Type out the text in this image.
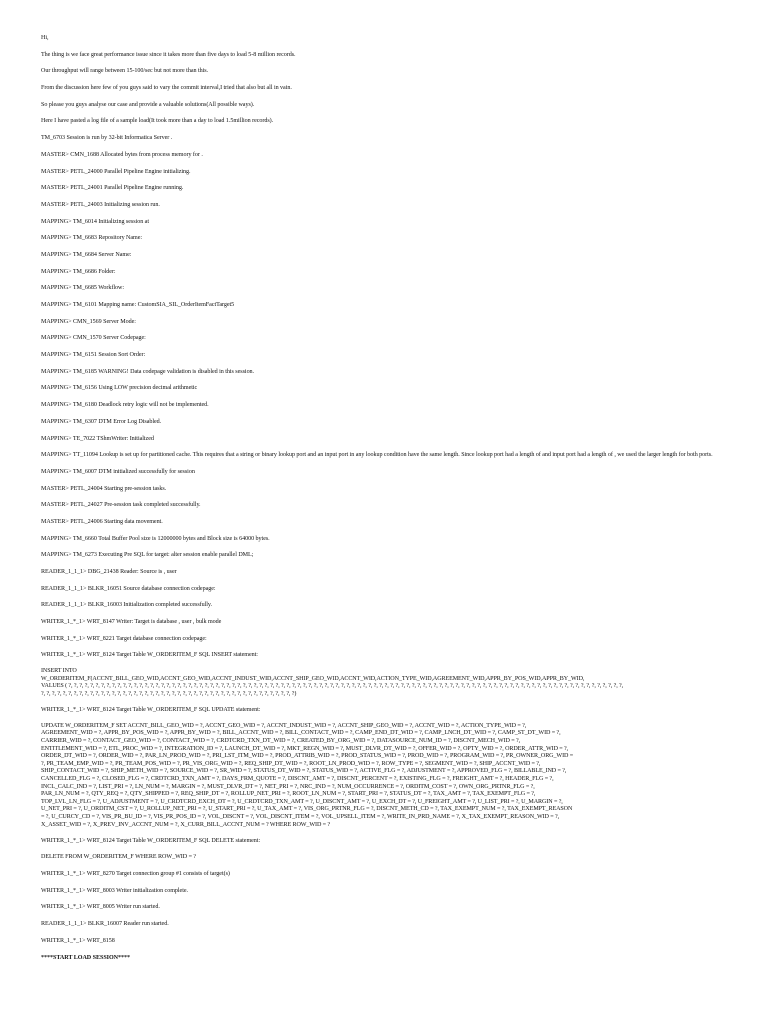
Hi,

The thing is we face great performance issue since it takes more than five days to load 5-8 million records.

Our throughput will range between 15-100/sec but not more than this.

From the discussion here few of you guys said to vary the commit interval,I tried that also but all in vain.

So please you guys analyse our case and provide a valuable solutions(All possible ways).

Here I have pasted a log file of a sample load(It took more than a day to load 1.5million records).

TM_6703 Session is run by 32-bit Informatica Server .

MASTER> CMN_1688 Allocated bytes from process memory for .

MASTER> PETL_24000 Parallel Pipeline Engine initializing.

MASTER> PETL_24001 Parallel Pipeline Engine running.

MASTER> PETL_24003 Initializing session run.

MAPPING> TM_6014 Initializing session at

MAPPING> TM_6683 Repository Name:

MAPPING> TM_6684 Server Name:

MAPPING> TM_6686 Folder:

MAPPING> TM_6685 Workflow:

MAPPING> TM_6101 Mapping name: CustomSIA_SIL_OrderItemFactTarget5

MAPPING> CMN_1569 Server Mode:

MAPPING> CMN_1570 Server Codepage:

MAPPING> TM_6151 Session Sort Order:

MAPPING> TM_6185 WARNING! Data codepage validation is disabled in this session.

MAPPING> TM_6156 Using LOW precision decimal arithmetic

MAPPING> TM_6180 Deadlock retry logic will not be implemented.

MAPPING> TM_6307 DTM Error Log Disabled.

MAPPING> TE_7022 TShmWriter: Initialized

MAPPING> TT_11094 Lookup is set up for partitioned cache. This requires that a string or binary lookup port and an input port in any lookup condition have the same length. Since lookup port had a length of and input port had a length of , we used the larger length for both ports.

MAPPING> TM_6007 DTM initialized successfully for session

MASTER> PETL_24004 Starting pre-session tasks.

MASTER> PETL_24027 Pre-session task completed successfully.

MASTER> PETL_24006 Starting data movement.

MAPPING> TM_6660 Total Buffer Pool size is 12000000 bytes and Block size is 64000 bytes.

MAPPING> TM_6273 Executing Pre SQL for target: alter session enable parallel DML;

READER_1_1_1> DBG_21438 Reader: Source is , user

READER_1_1_1> BLKR_16051 Source database connection codepage:

READER_1_1_1> BLKR_16003 Initialization completed successfully.

WRITER_1_*_1> WRT_8147 Writer: Target is database , user , bulk mode

WRITER_1_*_1> WRT_8221 Target database connection codepage:

WRITER_1_*_1> WRT_8124 Target Table W_ORDERITEM_F SQL INSERT statement:

INSERT INTO
W_ORDERITEM_F(ACCNT_BILL_GEO_WID,ACCNT_GEO_WID,ACCNT_INDUST_WID,ACCNT_SHIP_GEO_WID,ACCNT_WID,ACTION_TYPE_WID,AGREEMENT_WID,APPR_BY_POS_WID,APPR_BY_WID,
VALUES ( ?, ?, ?, ?, ?, ?, ?, ?, ?, ?, ?, ?, ?, ?, ?, ?, ?, ?, ?, ?, ?, ?, ?, ?, ?, ?, ?, ?, ?, ?, ?, ?, ?, ?, ?, ?, ?, ?, ?, ?, ?, ?, ?, ?, ?, ?, ?, ?, ?, ?, ?, ?, ?, ?, ?, ?, ?, ?, ?, ?, ?, ?, ?, ?, ?, ?, ?, ?, ?, ?, ?, ?, ?, ?, ?, ?, ?, ?, ?, ?, ?, ?, ?, ?, ?, ?, ?, ?, ?, ?, ?, ?, ?, ?, ?, ?, ?, ?, ?, ?, ?, ?,
?, ?, ?, ?, ?, ?, ?, ?, ?, ?, ?, ?, ?, ?, ?, ?, ?, ?, ?, ?, ?, ?, ?, ?, ?, ?, ?, ?, ?, ?, ?, ?, ?, ?, ?, ?, ?, ?, ?, ?, ?, ?, ?, ?, ?, ?, ?)

WRITER_1_*_1> WRT_8124 Target Table W_ORDERITEM_F SQL UPDATE statement:

UPDATE W_ORDERITEM_F SET ACCNT_BILL_GEO_WID = ?, ACCNT_GEO_WID = ?, ACCNT_INDUST_WID = ?, ACCNT_SHIP_GEO_WID = ?, ACCNT_WID = ?, ACTION_TYPE_WID = ?,
AGREEMENT_WID = ?, APPR_BY_POS_WID = ?, APPR_BY_WID = ?, BILL_ACCNT_WID = ?, BILL_CONTACT_WID = ?, CAMP_END_DT_WID = ?, CAMP_LNCH_DT_WID = ?, CAMP_ST_DT_WID = ?,
CARRIER_WID = ?, CONTACT_GEO_WID = ?, CONTACT_WID = ?, CRDTCRD_TXN_DT_WID = ?, CREATED_BY_ORG_WID = ?, DATASOURCE_NUM_ID = ?, DISCNT_MECH_WID = ?,
ENTITLEMENT_WID = ?, ETL_PROC_WID = ?, INTEGRATION_ID = ?, LAUNCH_DT_WID = ?, MKT_REGN_WID = ?, MUST_DLVR_DT_WID = ?, OFFER_WID = ?, OPTY_WID = ?, ORDER_ATTR_WID = ?,
ORDER_DT_WID = ?, ORDER_WID = ?, PAR_LN_PROD_WID = ?, PRI_LST_ITM_WID = ?, PROD_ATTRIB_WID = ?, PROD_STATUS_WID = ?, PROD_WID = ?, PROGRAM_WID = ?, PR_OWNER_ORG_WID =
?, PR_TEAM_EMP_WID = ?, PR_TEAM_POS_WID = ?, PR_VIS_ORG_WID = ?, REQ_SHIP_DT_WID = ?, ROOT_LN_PROD_WID = ?, ROW_TYPE = ?, SEGMENT_WID = ?, SHIP_ACCNT_WID = ?,
SHIP_CONTACT_WID = ?, SHIP_METH_WID = ?, SOURCE_WID = ?, SR_WID = ?, STATUS_DT_WID = ?, STATUS_WID = ?, ACTIVE_FLG = ?, ADJUSTMENT = ?, APPROVED_FLG = ?, BILLABLE_IND = ?,
CANCELLED_FLG = ?, CLOSED_FLG = ?, CRDTCRD_TXN_AMT = ?, DAYS_FRM_QUOTE = ?, DISCNT_AMT = ?, DISCNT_PERCENT = ?, EXISTING_FLG = ?, FREIGHT_AMT = ?, HEADER_FLG = ?,
INCL_CALC_IND = ?, LIST_PRI = ?, LN_NUM = ?, MARGIN = ?, MUST_DLVR_DT = ?, NET_PRI = ?, NRC_IND = ?, NUM_OCCURRENCE = ?, ORDITM_COST = ?, OWN_ORG_PRTNR_FLG = ?,
PAR_LN_NUM = ?, QTY_REQ = ?, QTY_SHIPPED = ?, REQ_SHIP_DT = ?, ROLLUP_NET_PRI = ?, ROOT_LN_NUM = ?, START_PRI = ?, STATUS_DT = ?, TAX_AMT = ?, TAX_EXEMPT_FLG = ?,
TOP_LVL_LN_FLG = ?, U_ADJUSTMENT = ?, U_CRDTCRD_EXCH_DT = ?, U_CRDTCRD_TXN_AMT = ?, U_DISCNT_AMT = ?, U_EXCH_DT = ?, U_FREIGHT_AMT = ?, U_LIST_PRI = ?, U_MARGIN = ?,
U_NET_PRI = ?, U_ORDITM_CST = ?, U_ROLLUP_NET_PRI = ?, U_START_PRI = ?, U_TAX_AMT = ?, VIS_ORG_PRTNR_FLG = ?, DISCNT_METH_CD = ?, TAX_EXEMPT_NUM = ?, TAX_EXEMPT_REASON
= ?, U_CURCY_CD = ?, VIS_PR_BU_ID = ?, VIS_PR_POS_ID = ?, VOL_DISCNT = ?, VOL_DISCNT_ITEM = ?, VOL_UPSELL_ITEM = ?, WRITE_IN_PRD_NAME = ?, X_TAX_EXEMPT_REASON_WID = ?,
X_ASSET_WID = ?, X_PREV_INV_ACCNT_NUM = ?, X_CURR_BILL_ACCNT_NUM = ? WHERE ROW_WID = ?

WRITER_1_*_1> WRT_8124 Target Table W_ORDERITEM_F SQL DELETE statement:

DELETE FROM W_ORDERITEM_F WHERE ROW_WID = ?

WRITER_1_*_1> WRT_8270 Target connection group #1 consists of target(s)

WRITER_1_*_1> WRT_8003 Writer initialization complete.

WRITER_1_*_1> WRT_8005 Writer run started.

READER_1_1_1> BLKR_16007 Reader run started.

WRITER_1_*_1> WRT_8158

****START LOAD SESSION****
